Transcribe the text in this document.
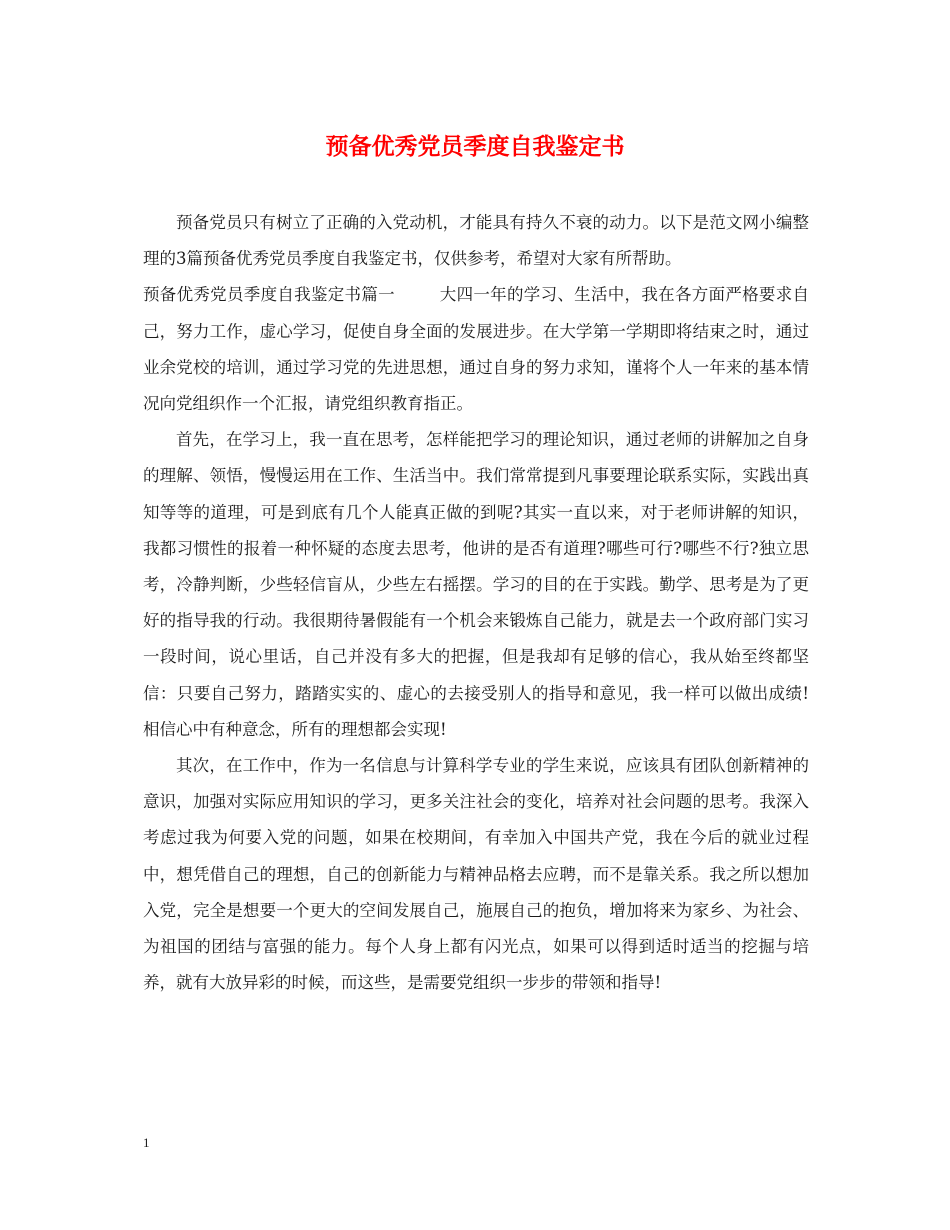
预备优秀党员季度自我鉴定书

预备党员只有树立了正确的入党动机，才能具有持久不衰的动力。以下是范文网小编整理的3篇预备优秀党员季度自我鉴定书，仅供参考，希望对大家有所帮助。

预备优秀党员季度自我鉴定书篇一	大四一年的学习、生活中，我在各方面严格要求自己，努力工作，虚心学习，促使自身全面的发展进步。在大学第一学期即将结束之时，通过业余党校的培训，通过学习党的先进思想，通过自身的努力求知，谨将个人一年来的基本情况向党组织作一个汇报，请党组织教育指正。

首先，在学习上，我一直在思考，怎样能把学习的理论知识，通过老师的讲解加之自身的理解、领悟，慢慢运用在工作、生活当中。我们常常提到凡事要理论联系实际，实践出真知等等的道理，可是到底有几个人能真正做的到呢?其实一直以来，对于老师讲解的知识，我都习惯性的报着一种怀疑的态度去思考，他讲的是否有道理?哪些可行?哪些不行?独立思考，冷静判断，少些轻信盲从，少些左右摇摆。学习的目的在于实践。勤学、思考是为了更好的指导我的行动。我很期待暑假能有一个机会来锻炼自己能力，就是去一个政府部门实习一段时间，说心里话，自己并没有多大的把握，但是我却有足够的信心，我从始至终都坚信：只要自己努力，踏踏实实的、虚心的去接受别人的指导和意见，我一样可以做出成绩!相信心中有种意念，所有的理想都会实现!

其次，在工作中，作为一名信息与计算科学专业的学生来说，应该具有团队创新精神的意识，加强对实际应用知识的学习，更多关注社会的变化，培养对社会问题的思考。我深入考虑过我为何要入党的问题，如果在校期间，有幸加入中国共产党，我在今后的就业过程中，想凭借自己的理想，自己的创新能力与精神品格去应聘，而不是靠关系。我之所以想加入党，完全是想要一个更大的空间发展自己，施展自己的抱负，增加将来为家乡、为社会、为祖国的团结与富强的能力。每个人身上都有闪光点，如果可以得到适时适当的挖掘与培养，就有大放异彩的时候，而这些，是需要党组织一步步的带领和指导!

1
